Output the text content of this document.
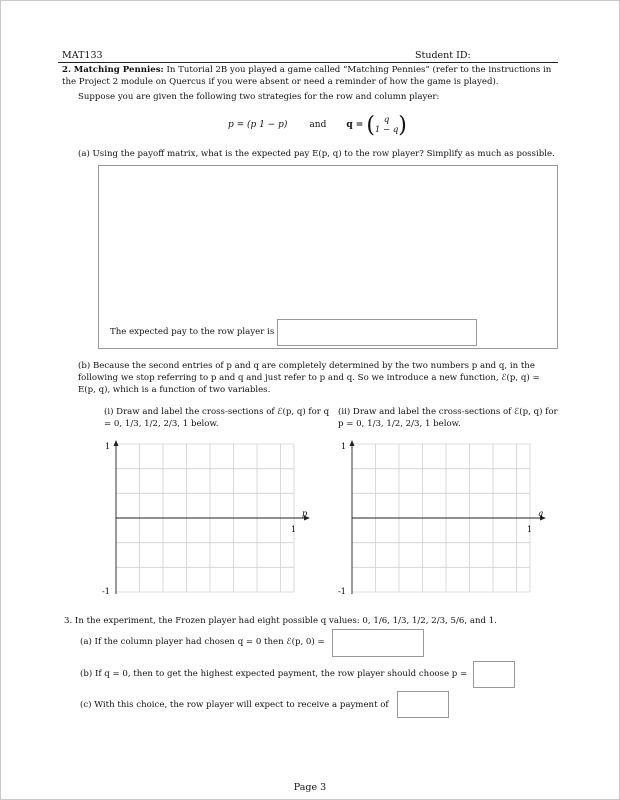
MAT133	Student ID:
2. Matching Pennies: In Tutorial 2B you played a game called “Matching Pennies” (refer to the instructions in the Project 2 module on Quercus if you were absent or need a reminder of how the game is played).
Suppose you are given the following two strategies for the row and column player:
p = (p 1 − p) and q = (	q
1 − q )
(a) Using the payoff matrix, what is the expected pay E(p, q) to the row player? Simplify as much as possible.
The expected pay to the row player is
(b) Because the second entries of p and q are completely determined by the two numbers p and q, in the following we stop referring to p and q and just refer to p and q. So we introduce a new function, ℰ(p, q) = E(p, q), which is a function of two variables.
(i) Draw and label the cross-sections of ℰ(p, q) for q = 0, 1/3, 1/2, 2/3, 1 below.
(ii) Draw and label the cross-sections of ℰ(p, q) for p = 0, 1/3, 1/2, 2/3, 1 below.
1
-1
p
1
1
-1
q
1
3. In the experiment, the Frozen player had eight possible q values: 0, 1/6, 1/3, 1/2, 2/3, 5/6, and 1.
(a) If the column player had chosen q = 0 then ℰ(p, 0) =
(b) If q = 0, then to get the highest expected payment, the row player should choose p =
(c) With this choice, the row player will expect to receive a payment of
Page 3
